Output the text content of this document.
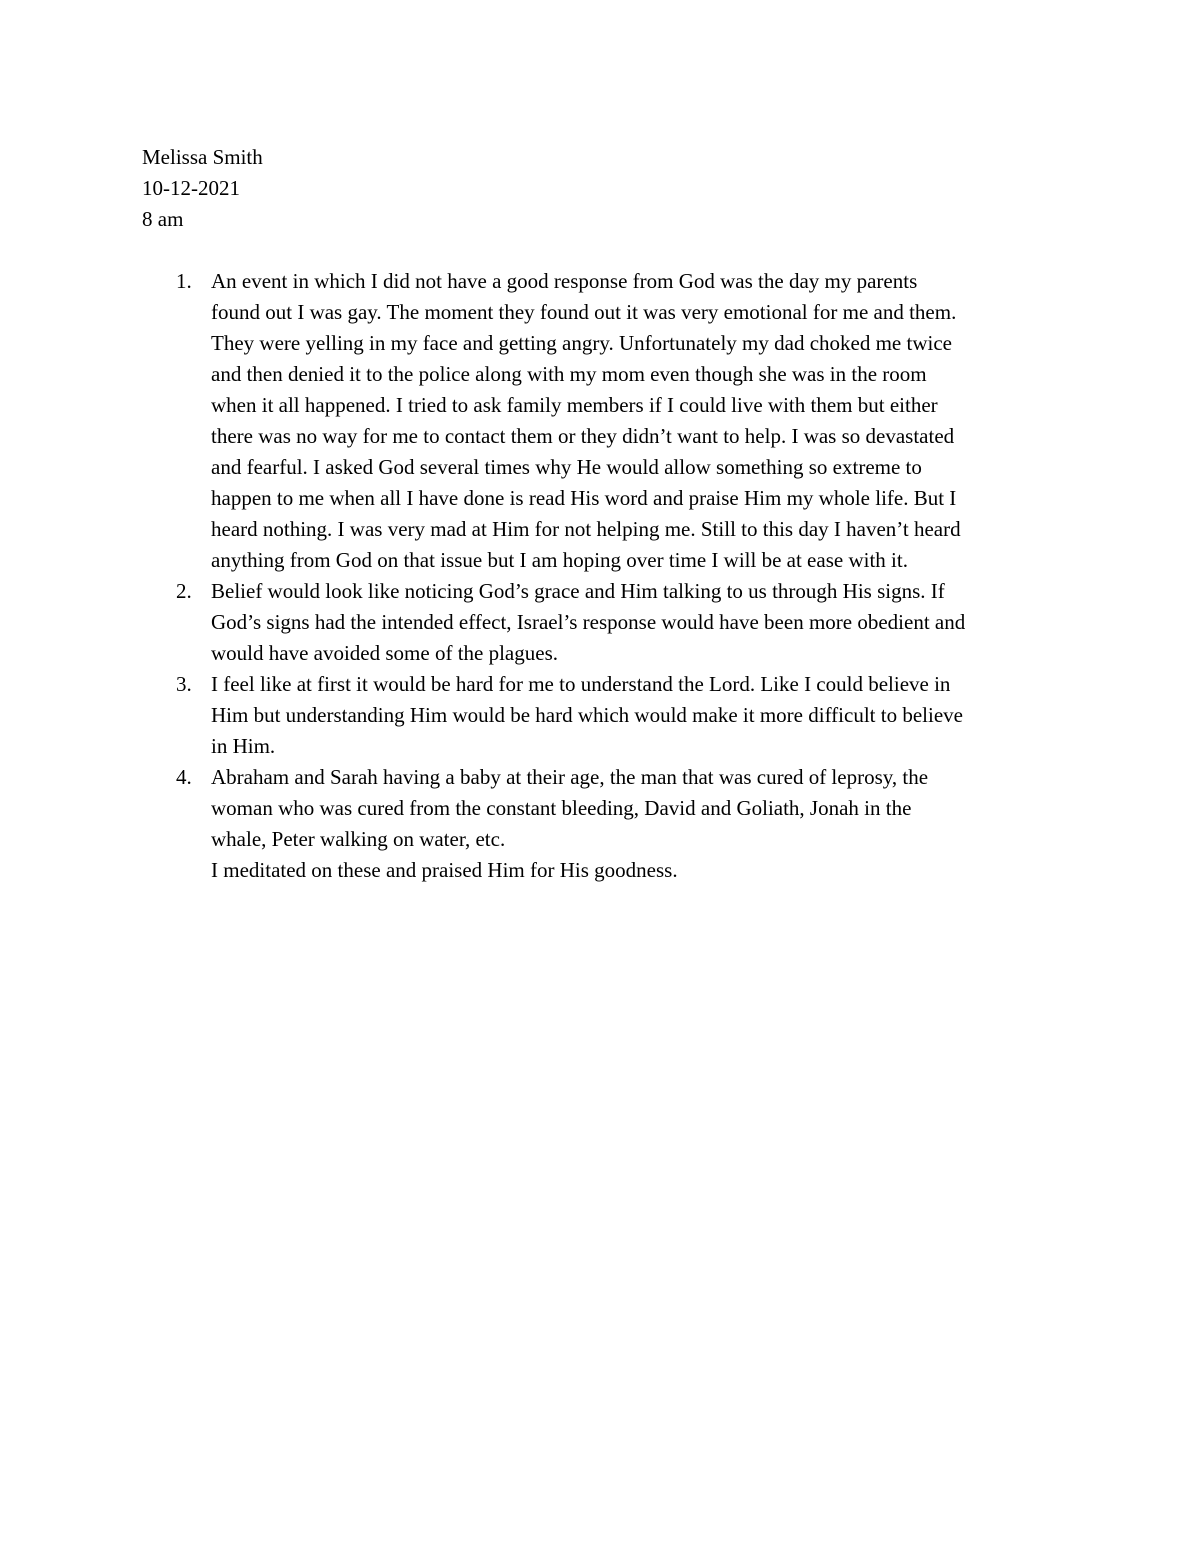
Melissa Smith
10-12-2021
8 am
1. An event in which I did not have a good response from God was the day my parents
found out I was gay. The moment they found out it was very emotional for me and them.
They were yelling in my face and getting angry. Unfortunately my dad choked me twice
and then denied it to the police along with my mom even though she was in the room
when it all happened. I tried to ask family members if I could live with them but either
there was no way for me to contact them or they didn’t want to help. I was so devastated
and fearful. I asked God several times why He would allow something so extreme to
happen to me when all I have done is read His word and praise Him my whole life. But I
heard nothing. I was very mad at Him for not helping me. Still to this day I haven’t heard
anything from God on that issue but I am hoping over time I will be at ease with it.
2. Belief would look like noticing God’s grace and Him talking to us through His signs. If
God’s signs had the intended effect, Israel’s response would have been more obedient and
would have avoided some of the plagues.
3. I feel like at first it would be hard for me to understand the Lord. Like I could believe in
Him but understanding Him would be hard which would make it more difficult to believe
in Him.
4. Abraham and Sarah having a baby at their age, the man that was cured of leprosy, the
woman who was cured from the constant bleeding, David and Goliath, Jonah in the
whale, Peter walking on water, etc.
I meditated on these and praised Him for His goodness.
